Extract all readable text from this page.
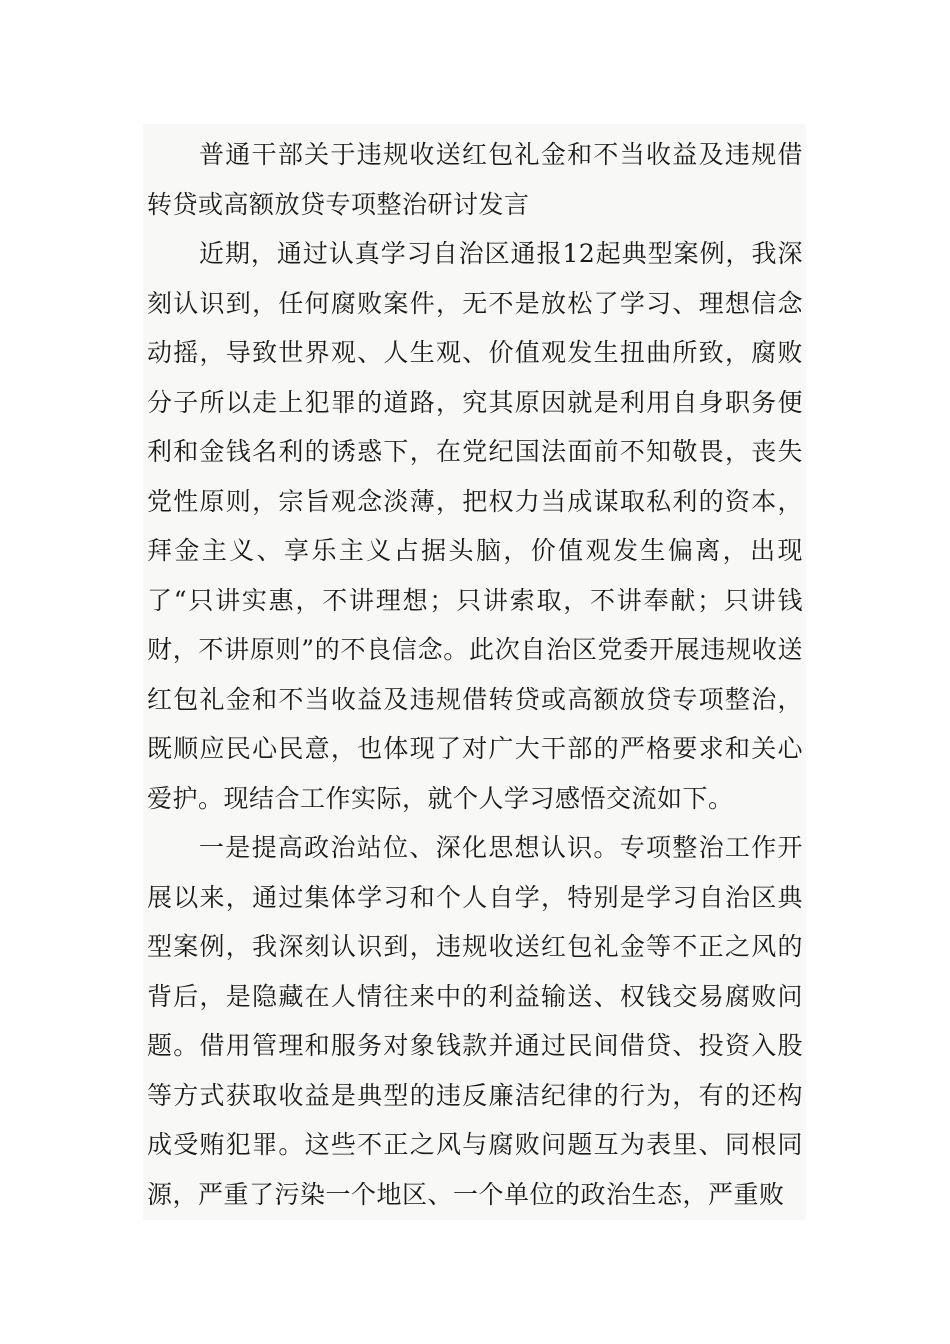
普通干部关于违规收送红包礼金和不当收益及违规借转贷或高额放贷专项整治研讨发言

近期，通过认真学习自治区通报12起典型案例，我深刻认识到，任何腐败案件，无不是放松了学习、理想信念动摇，导致世界观、人生观、价值观发生扭曲所致，腐败分子所以走上犯罪的道路，究其原因就是利用自身职务便利和金钱名利的诱惑下，在党纪国法面前不知敬畏，丧失党性原则，宗旨观念淡薄，把权力当成谋取私利的资本，拜金主义、享乐主义占据头脑，价值观发生偏离，出现了“只讲实惠，不讲理想；只讲索取，不讲奉献；只讲钱财，不讲原则”的不良信念。此次自治区党委开展违规收送红包礼金和不当收益及违规借转贷或高额放贷专项整治，既顺应民心民意，也体现了对广大干部的严格要求和关心爱护。现结合工作实际，就个人学习感悟交流如下。

一是提高政治站位、深化思想认识。专项整治工作开展以来，通过集体学习和个人自学，特别是学习自治区典型案例，我深刻认识到，违规收送红包礼金等不正之风的背后，是隐藏在人情往来中的利益输送、权钱交易腐败问题。借用管理和服务对象钱款并通过民间借贷、投资入股等方式获取收益是典型的违反廉洁纪律的行为，有的还构成受贿犯罪。这些不正之风与腐败问题互为表里、同根同源，严重了污染一个地区、一个单位的政治生态，严重败
